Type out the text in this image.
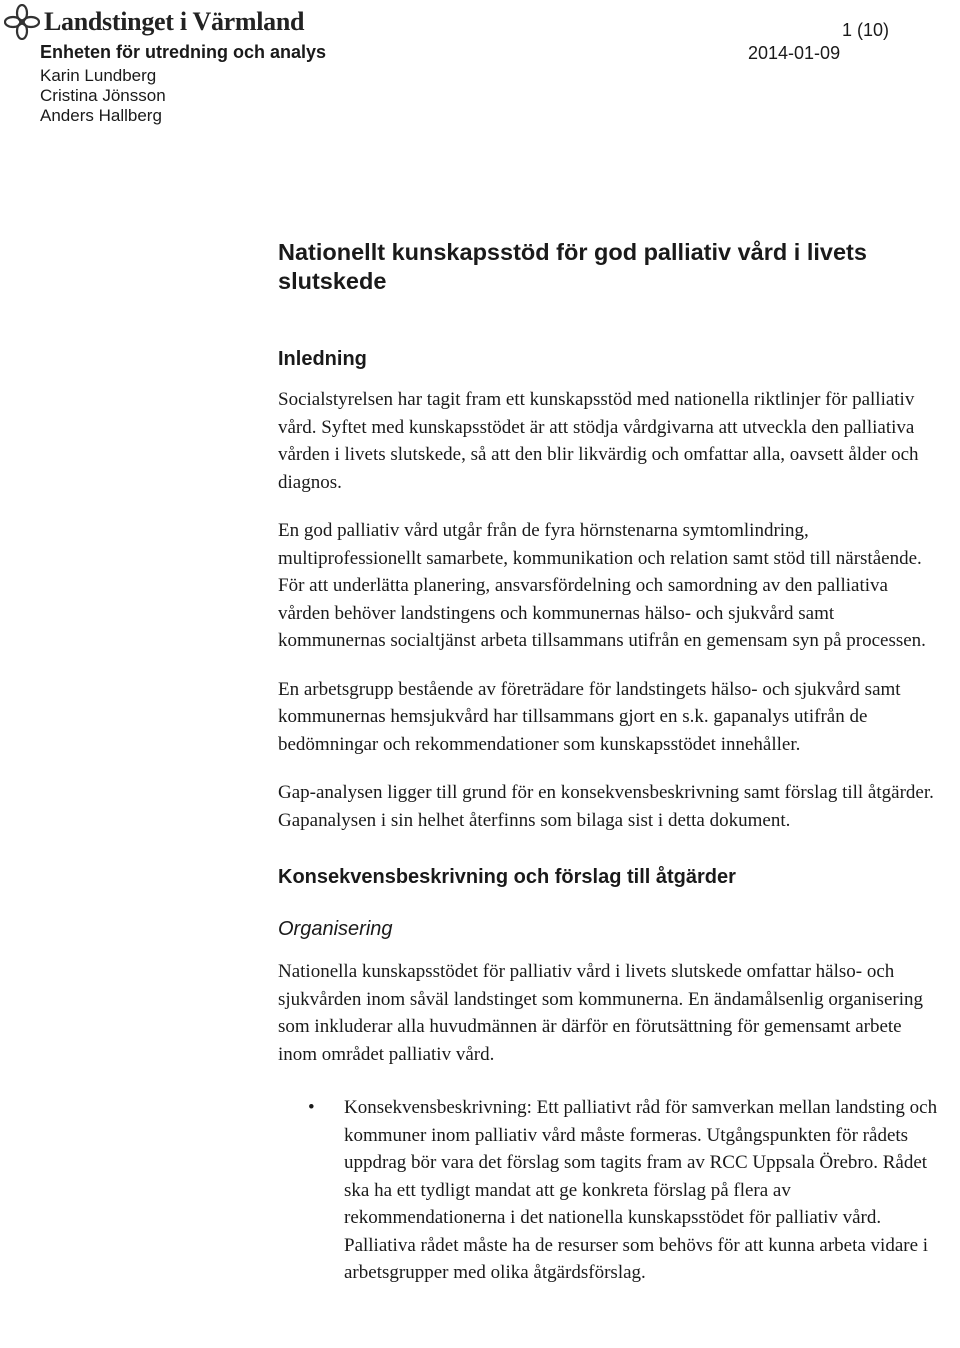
Landstinget i Värmland	1 (10)
Enheten för utredning och analys	2014-01-09
Karin Lundberg
Cristina Jönsson
Anders Hallberg
Nationellt kunskapsstöd för god palliativ vård i livets
slutskede
Inledning

Socialstyrelsen har tagit fram ett kunskapsstöd med nationella riktlinjer för palliativ vård. Syftet med kunskapsstödet är att stödja vårdgivarna att utveckla den palliativa vården i livets slutskede, så att den blir likvärdig och omfattar alla, oavsett ålder och diagnos.

En god palliativ vård utgår från de fyra hörnstenarna symtomlindring, multiprofessionellt samarbete, kommunikation och relation samt stöd till närstående. För att underlätta planering, ansvarsfördelning och samordning av den palliativa vården behöver landstingens och kommunernas hälso- och sjukvård samt kommunernas socialtjänst arbeta tillsammans utifrån en gemensam syn på processen.

En arbetsgrupp bestående av företrädare för landstingets hälso- och sjukvård samt kommunernas hemsjukvård har tillsammans gjort en s.k. gapanalys utifrån de bedömningar och rekommendationer som kunskapsstödet innehåller.

Gap-analysen ligger till grund för en konsekvensbeskrivning samt förslag till åtgärder. Gapanalysen i sin helhet återfinns som bilaga sist i detta dokument.

Konsekvensbeskrivning och förslag till åtgärder
Organisering

Nationella kunskapsstödet för palliativ vård i livets slutskede omfattar hälso- och sjukvården inom såväl landstinget som kommunerna. En ändamålsenlig organisering som inkluderar alla huvudmännen är därför en förutsättning för gemensamt arbete inom området palliativ vård.

• Konsekvensbeskrivning: Ett palliativt råd för samverkan mellan landsting och kommuner inom palliativ vård måste formeras. Utgångspunkten för rådets uppdrag bör vara det förslag som tagits fram av RCC Uppsala Örebro. Rådet ska ha ett tydligt mandat att ge konkreta förslag på flera av rekommendationerna i det nationella kunskapsstödet för palliativ vård. Palliativa rådet måste ha de resurser som behövs för att kunna arbeta vidare i arbetsgrupper med olika åtgärdsförslag.
